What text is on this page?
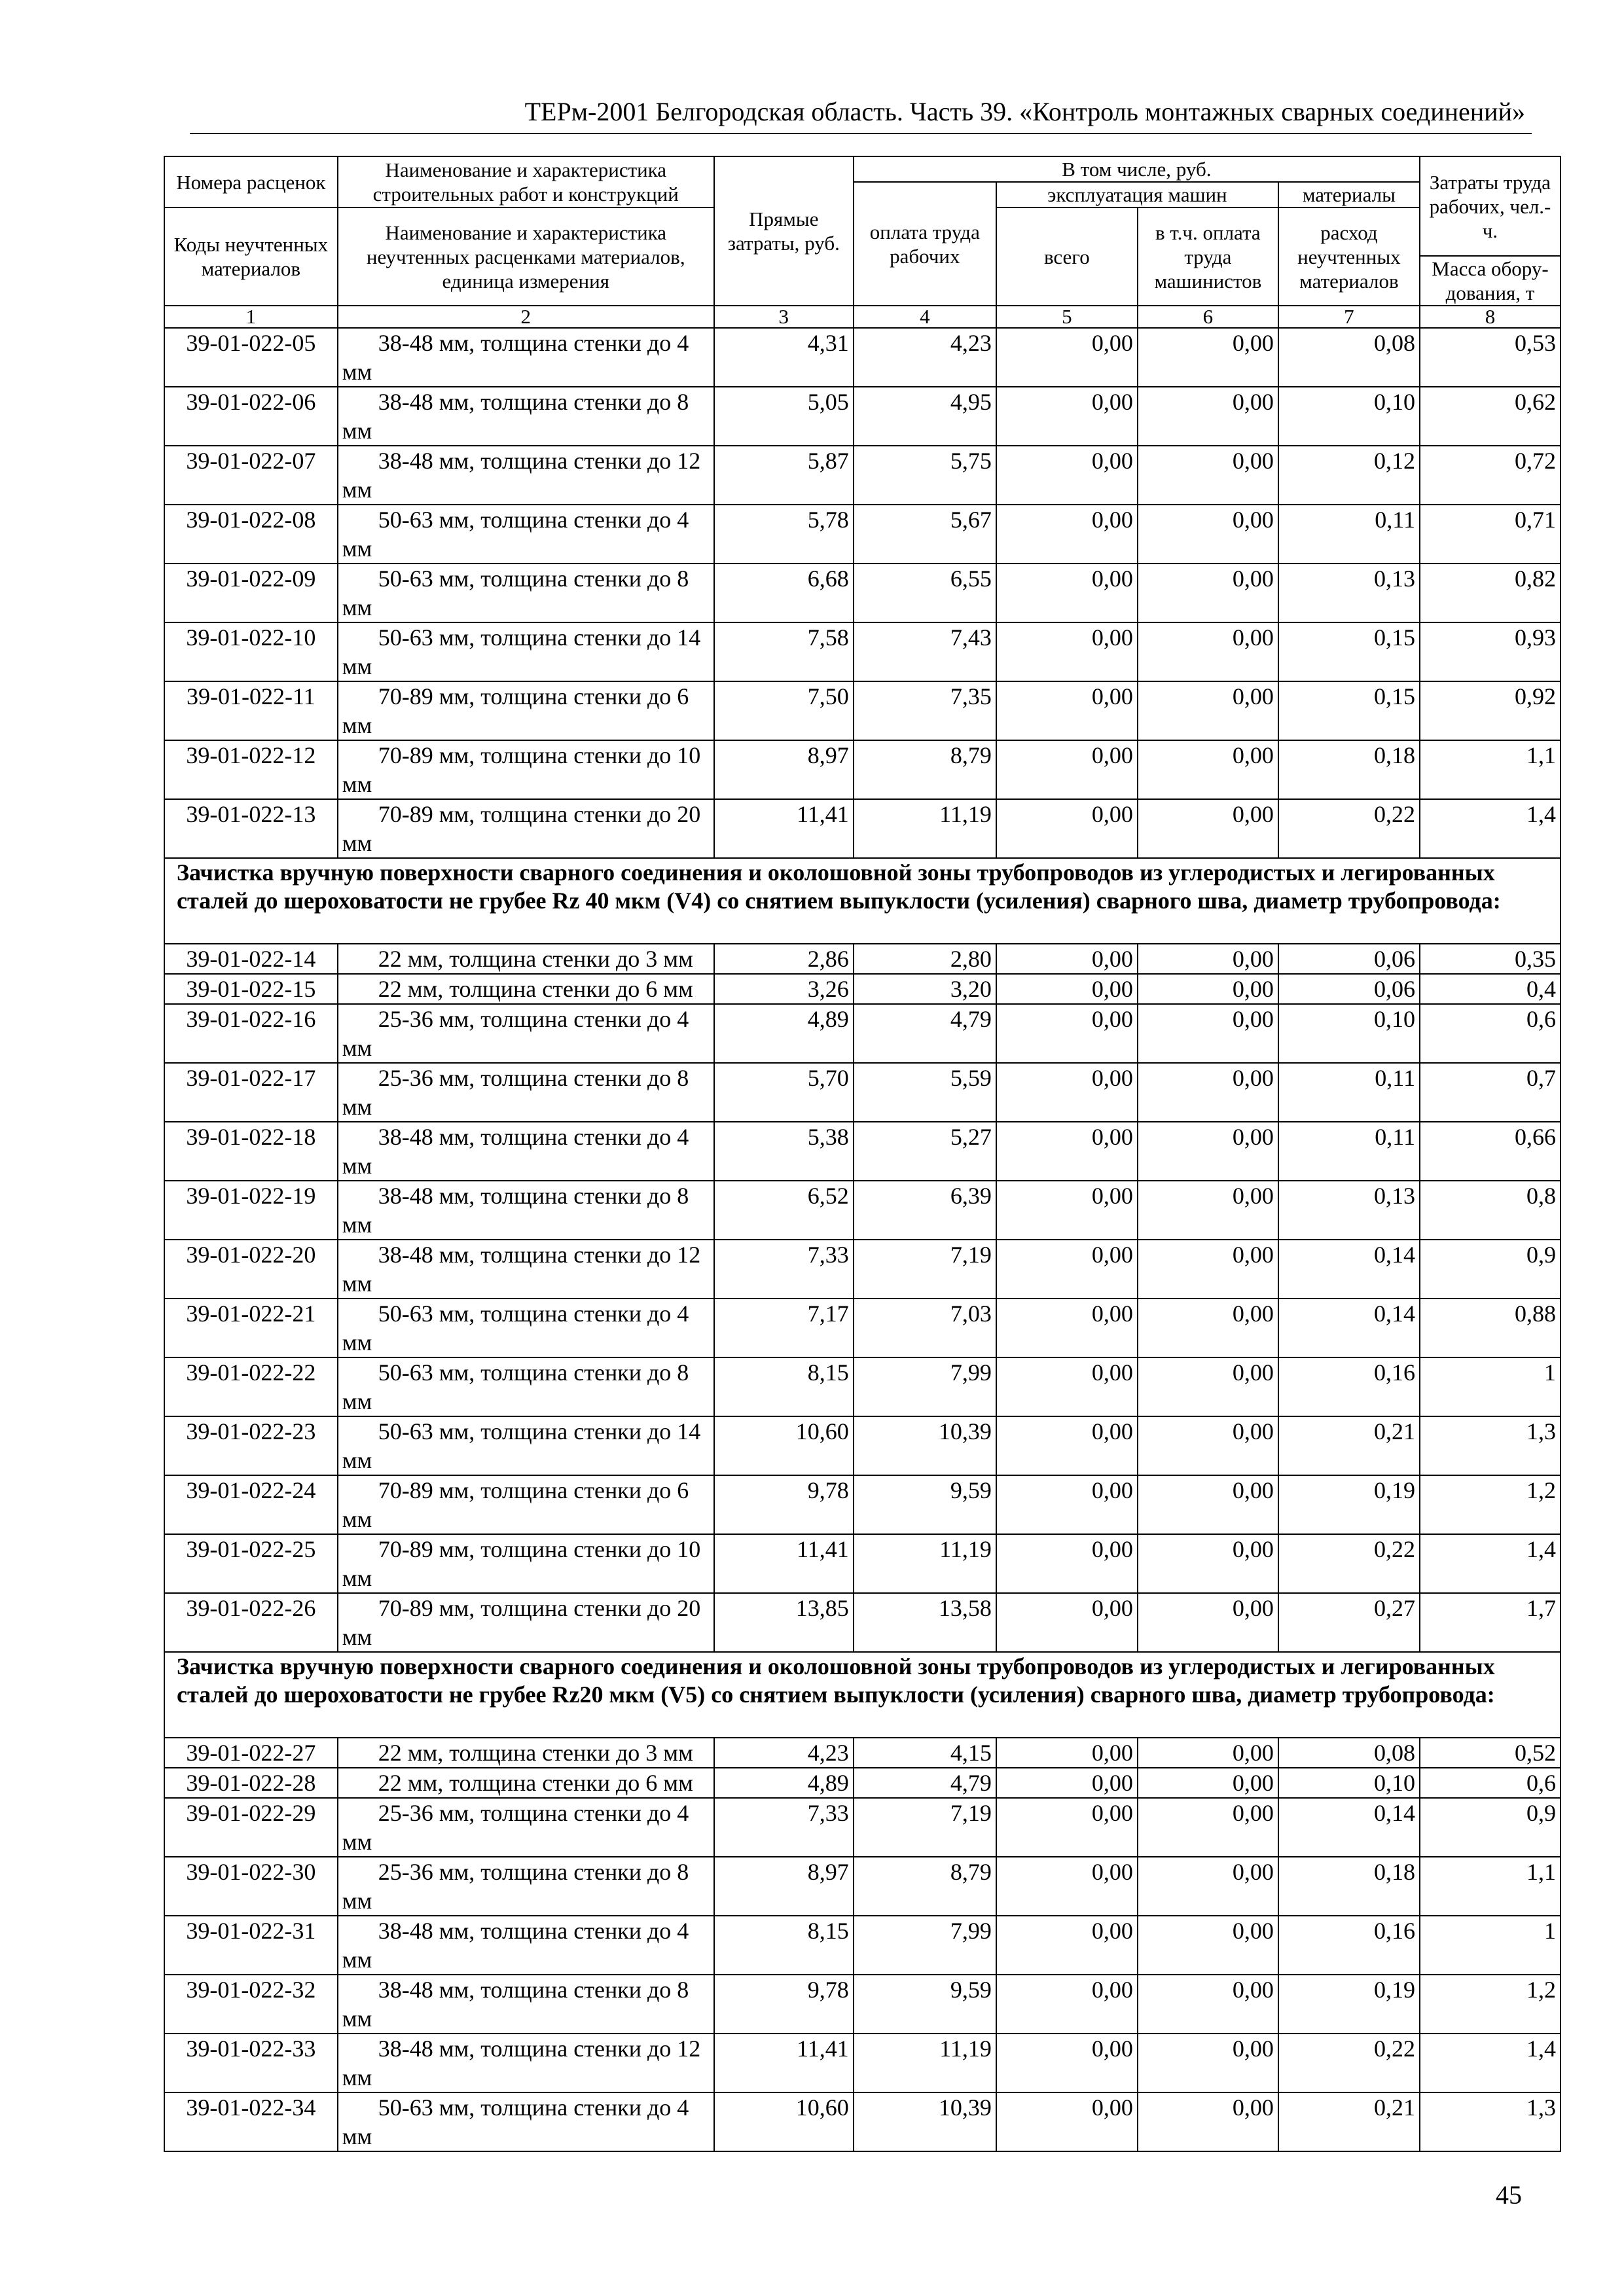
ТЕРм-2001 Белгородская область. Часть 39. «Контроль монтажных сварных соединений»
Номера расценок	Наименование и характеристика строительных работ и конструкций	Прямые затраты, руб.	В том числе, руб.				Затраты труда рабочих, чел.-ч.
			оплата труда рабочих	эксплуатация машин		материалы	
Коды неучтенных материалов	Наименование и характеристика неучтенных расценками материалов, единица измерения			всего	в т.ч. оплата труда машинистов	расход неучтенных материалов	
							Масса обору-дования, т
1	2	3	4	5	6	7	8
39-01-022-05	38-48 мм, толщина стенки до 4 мм	4,31	4,23	0,00	0,00	0,08	0,53
39-01-022-06	38-48 мм, толщина стенки до 8 мм	5,05	4,95	0,00	0,00	0,10	0,62
39-01-022-07	38-48 мм, толщина стенки до 12 мм	5,87	5,75	0,00	0,00	0,12	0,72
39-01-022-08	50-63 мм, толщина стенки до 4 мм	5,78	5,67	0,00	0,00	0,11	0,71
39-01-022-09	50-63 мм, толщина стенки до 8 мм	6,68	6,55	0,00	0,00	0,13	0,82
39-01-022-10	50-63 мм, толщина стенки до 14 мм	7,58	7,43	0,00	0,00	0,15	0,93
39-01-022-11	70-89 мм, толщина стенки до 6 мм	7,50	7,35	0,00	0,00	0,15	0,92
39-01-022-12	70-89 мм, толщина стенки до 10 мм	8,97	8,79	0,00	0,00	0,18	1,1
39-01-022-13	70-89 мм, толщина стенки до 20 мм	11,41	11,19	0,00	0,00	0,22	1,4
Зачистка вручную поверхности сварного соединения и околошовной зоны трубопроводов из углеродистых и легированных сталей до шероховатости не грубее Rz 40 мкм (V4) со снятием выпуклости (усиления) сварного шва, диаметр трубопровода:							
39-01-022-14	22 мм, толщина стенки до 3 мм	2,86	2,80	0,00	0,00	0,06	0,35
39-01-022-15	22 мм, толщина стенки до 6 мм	3,26	3,20	0,00	0,00	0,06	0,4
39-01-022-16	25-36 мм, толщина стенки до 4 мм	4,89	4,79	0,00	0,00	0,10	0,6
39-01-022-17	25-36 мм, толщина стенки до 8 мм	5,70	5,59	0,00	0,00	0,11	0,7
39-01-022-18	38-48 мм, толщина стенки до 4 мм	5,38	5,27	0,00	0,00	0,11	0,66
39-01-022-19	38-48 мм, толщина стенки до 8 мм	6,52	6,39	0,00	0,00	0,13	0,8
39-01-022-20	38-48 мм, толщина стенки до 12 мм	7,33	7,19	0,00	0,00	0,14	0,9
39-01-022-21	50-63 мм, толщина стенки до 4 мм	7,17	7,03	0,00	0,00	0,14	0,88
39-01-022-22	50-63 мм, толщина стенки до 8 мм	8,15	7,99	0,00	0,00	0,16	1
39-01-022-23	50-63 мм, толщина стенки до 14 мм	10,60	10,39	0,00	0,00	0,21	1,3
39-01-022-24	70-89 мм, толщина стенки до 6 мм	9,78	9,59	0,00	0,00	0,19	1,2
39-01-022-25	70-89 мм, толщина стенки до 10 мм	11,41	11,19	0,00	0,00	0,22	1,4
39-01-022-26	70-89 мм, толщина стенки до 20 мм	13,85	13,58	0,00	0,00	0,27	1,7
Зачистка вручную поверхности сварного соединения и околошовной зоны трубопроводов из углеродистых и легированных сталей до шероховатости не грубее Rz20 мкм (V5) со снятием выпуклости (усиления) сварного шва, диаметр трубопровода:							
39-01-022-27	22 мм, толщина стенки до 3 мм	4,23	4,15	0,00	0,00	0,08	0,52
39-01-022-28	22 мм, толщина стенки до 6 мм	4,89	4,79	0,00	0,00	0,10	0,6
39-01-022-29	25-36 мм, толщина стенки до 4 мм	7,33	7,19	0,00	0,00	0,14	0,9
39-01-022-30	25-36 мм, толщина стенки до 8 мм	8,97	8,79	0,00	0,00	0,18	1,1
39-01-022-31	38-48 мм, толщина стенки до 4 мм	8,15	7,99	0,00	0,00	0,16	1
39-01-022-32	38-48 мм, толщина стенки до 8 мм	9,78	9,59	0,00	0,00	0,19	1,2
39-01-022-33	38-48 мм, толщина стенки до 12 мм	11,41	11,19	0,00	0,00	0,22	1,4
39-01-022-34	50-63 мм, толщина стенки до 4 мм	10,60	10,39	0,00	0,00	0,21	1,3
45
